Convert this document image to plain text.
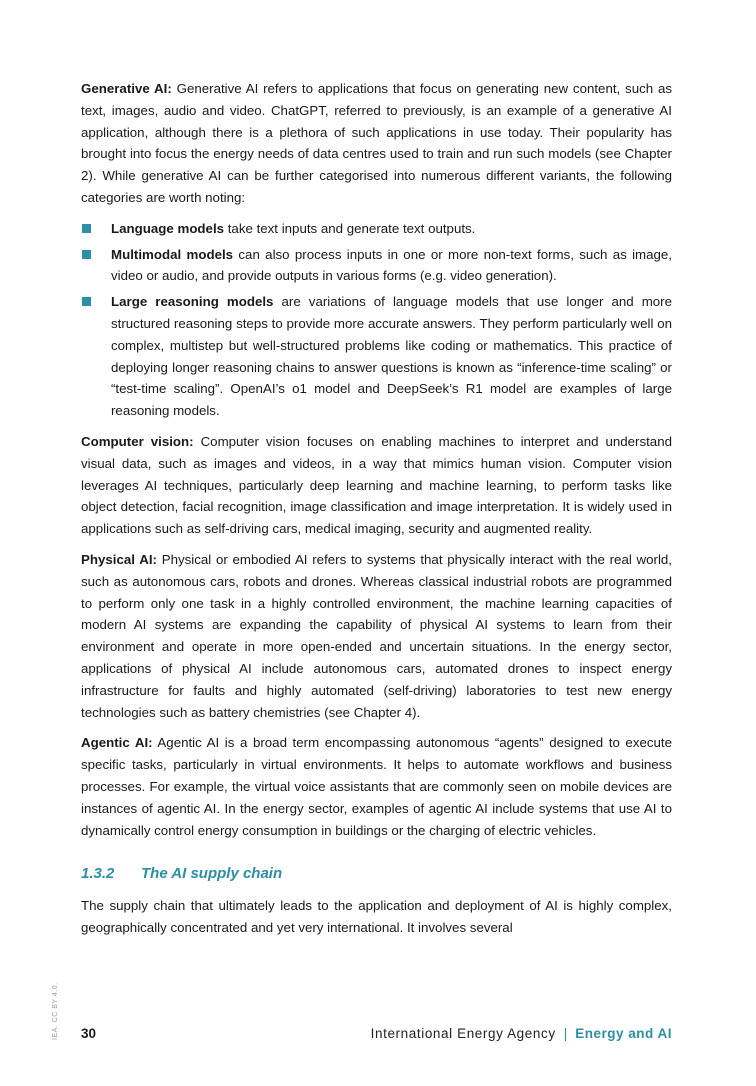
Generative AI: Generative AI refers to applications that focus on generating new content, such as text, images, audio and video. ChatGPT, referred to previously, is an example of a generative AI application, although there is a plethora of such applications in use today. Their popularity has brought into focus the energy needs of data centres used to train and run such models (see Chapter 2). While generative AI can be further categorised into numerous different variants, the following categories are worth noting:

Language models take text inputs and generate text outputs.
Multimodal models can also process inputs in one or more non-text forms, such as image, video or audio, and provide outputs in various forms (e.g. video generation).
Large reasoning models are variations of language models that use longer and more structured reasoning steps to provide more accurate answers. They perform particularly well on complex, multistep but well-structured problems like coding or mathematics. This practice of deploying longer reasoning chains to answer questions is known as “inference-time scaling” or “test-time scaling”. OpenAI’s o1 model and DeepSeek’s R1 model are examples of large reasoning models.

Computer vision: Computer vision focuses on enabling machines to interpret and understand visual data, such as images and videos, in a way that mimics human vision. Computer vision leverages AI techniques, particularly deep learning and machine learning, to perform tasks like object detection, facial recognition, image classification and image interpretation. It is widely used in applications such as self-driving cars, medical imaging, security and augmented reality.

Physical AI: Physical or embodied AI refers to systems that physically interact with the real world, such as autonomous cars, robots and drones. Whereas classical industrial robots are programmed to perform only one task in a highly controlled environment, the machine learning capacities of modern AI systems are expanding the capability of physical AI systems to learn from their environment and operate in more open-ended and uncertain situations. In the energy sector, applications of physical AI include autonomous cars, automated drones to inspect energy infrastructure for faults and highly automated (self-driving) laboratories to test new energy technologies such as battery chemistries (see Chapter 4).

Agentic AI: Agentic AI is a broad term encompassing autonomous “agents” designed to execute specific tasks, particularly in virtual environments. It helps to automate workflows and business processes. For example, the virtual voice assistants that are commonly seen on mobile devices are instances of agentic AI. In the energy sector, examples of agentic AI include systems that use AI to dynamically control energy consumption in buildings or the charging of electric vehicles.

1.3.2 The AI supply chain

The supply chain that ultimately leads to the application and deployment of AI is highly complex, geographically concentrated and yet very international. It involves several

IEA. CC BY 4.0. 30	International Energy Agency | Energy and AI
